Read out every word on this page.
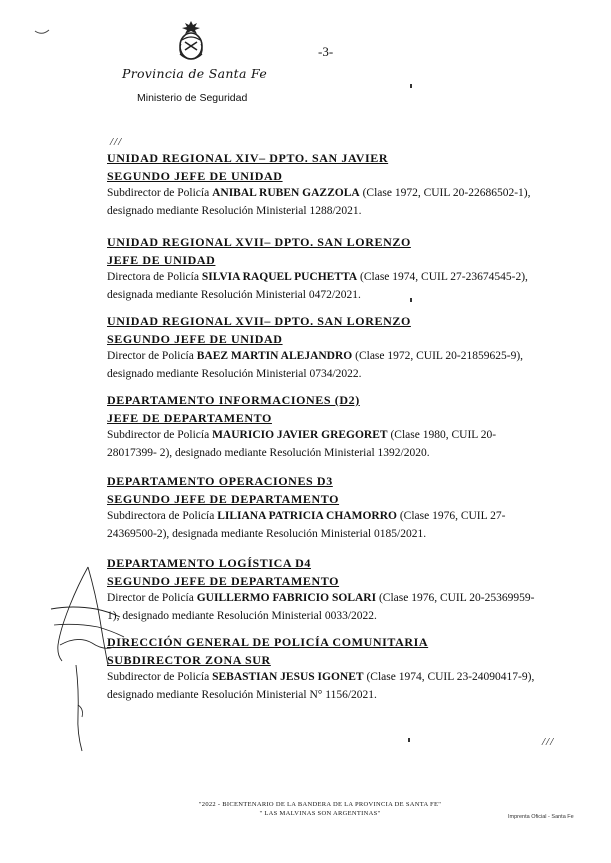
-3-
Provincia de Santa Fe
Ministerio de Seguridad
///
UNIDAD REGIONAL XIV– DPTO. SAN JAVIER
SEGUNDO JEFE DE UNIDAD
Subdirector de Policía ANIBAL RUBEN GAZZOLA (Clase 1972, CUIL 20-22686502-1),
designado mediante Resolución Ministerial 1288/2021.
UNIDAD REGIONAL XVII– DPTO. SAN LORENZO
JEFE DE UNIDAD
Directora de Policía SILVIA RAQUEL PUCHETTA (Clase 1974, CUIL 27-23674545-2),
designada mediante Resolución Ministerial 0472/2021.
UNIDAD REGIONAL XVII– DPTO. SAN LORENZO
SEGUNDO JEFE DE UNIDAD
Director de Policía BAEZ MARTIN ALEJANDRO (Clase 1972, CUIL 20-21859625-9),
designado mediante Resolución Ministerial 0734/2022.
DEPARTAMENTO INFORMACIONES (D2)
JEFE DE DEPARTAMENTO
Subdirector de Policía MAURICIO JAVIER GREGORET (Clase 1980, CUIL 20-
28017399- 2), designado mediante Resolución Ministerial 1392/2020.
DEPARTAMENTO OPERACIONES D3
SEGUNDO JEFE DE DEPARTAMENTO
Subdirectora de Policía LILIANA PATRICIA CHAMORRO (Clase 1976, CUIL 27-
24369500-2), designada mediante Resolución Ministerial 0185/2021.
DEPARTAMENTO LOGÍSTICA D4
SEGUNDO JEFE DE DEPARTAMENTO
Director de Policía GUILLERMO FABRICIO SOLARI (Clase 1976, CUIL 20-25369959-
1), designado mediante Resolución Ministerial 0033/2022.
DIRECCIÓN GENERAL DE POLICÍA COMUNITARIA
SUBDIRECTOR ZONA SUR
Subdirector de Policía SEBASTIAN JESUS IGONET (Clase 1974, CUIL 23-24090417-9),
designado mediante Resolución Ministerial N° 1156/2021.
///
"2022 - BICENTENARIO DE LA BANDERA DE LA PROVINCIA DE SANTA FE"
" LAS MALVINAS SON ARGENTINAS"	Imprenta Oficial - Santa Fe
